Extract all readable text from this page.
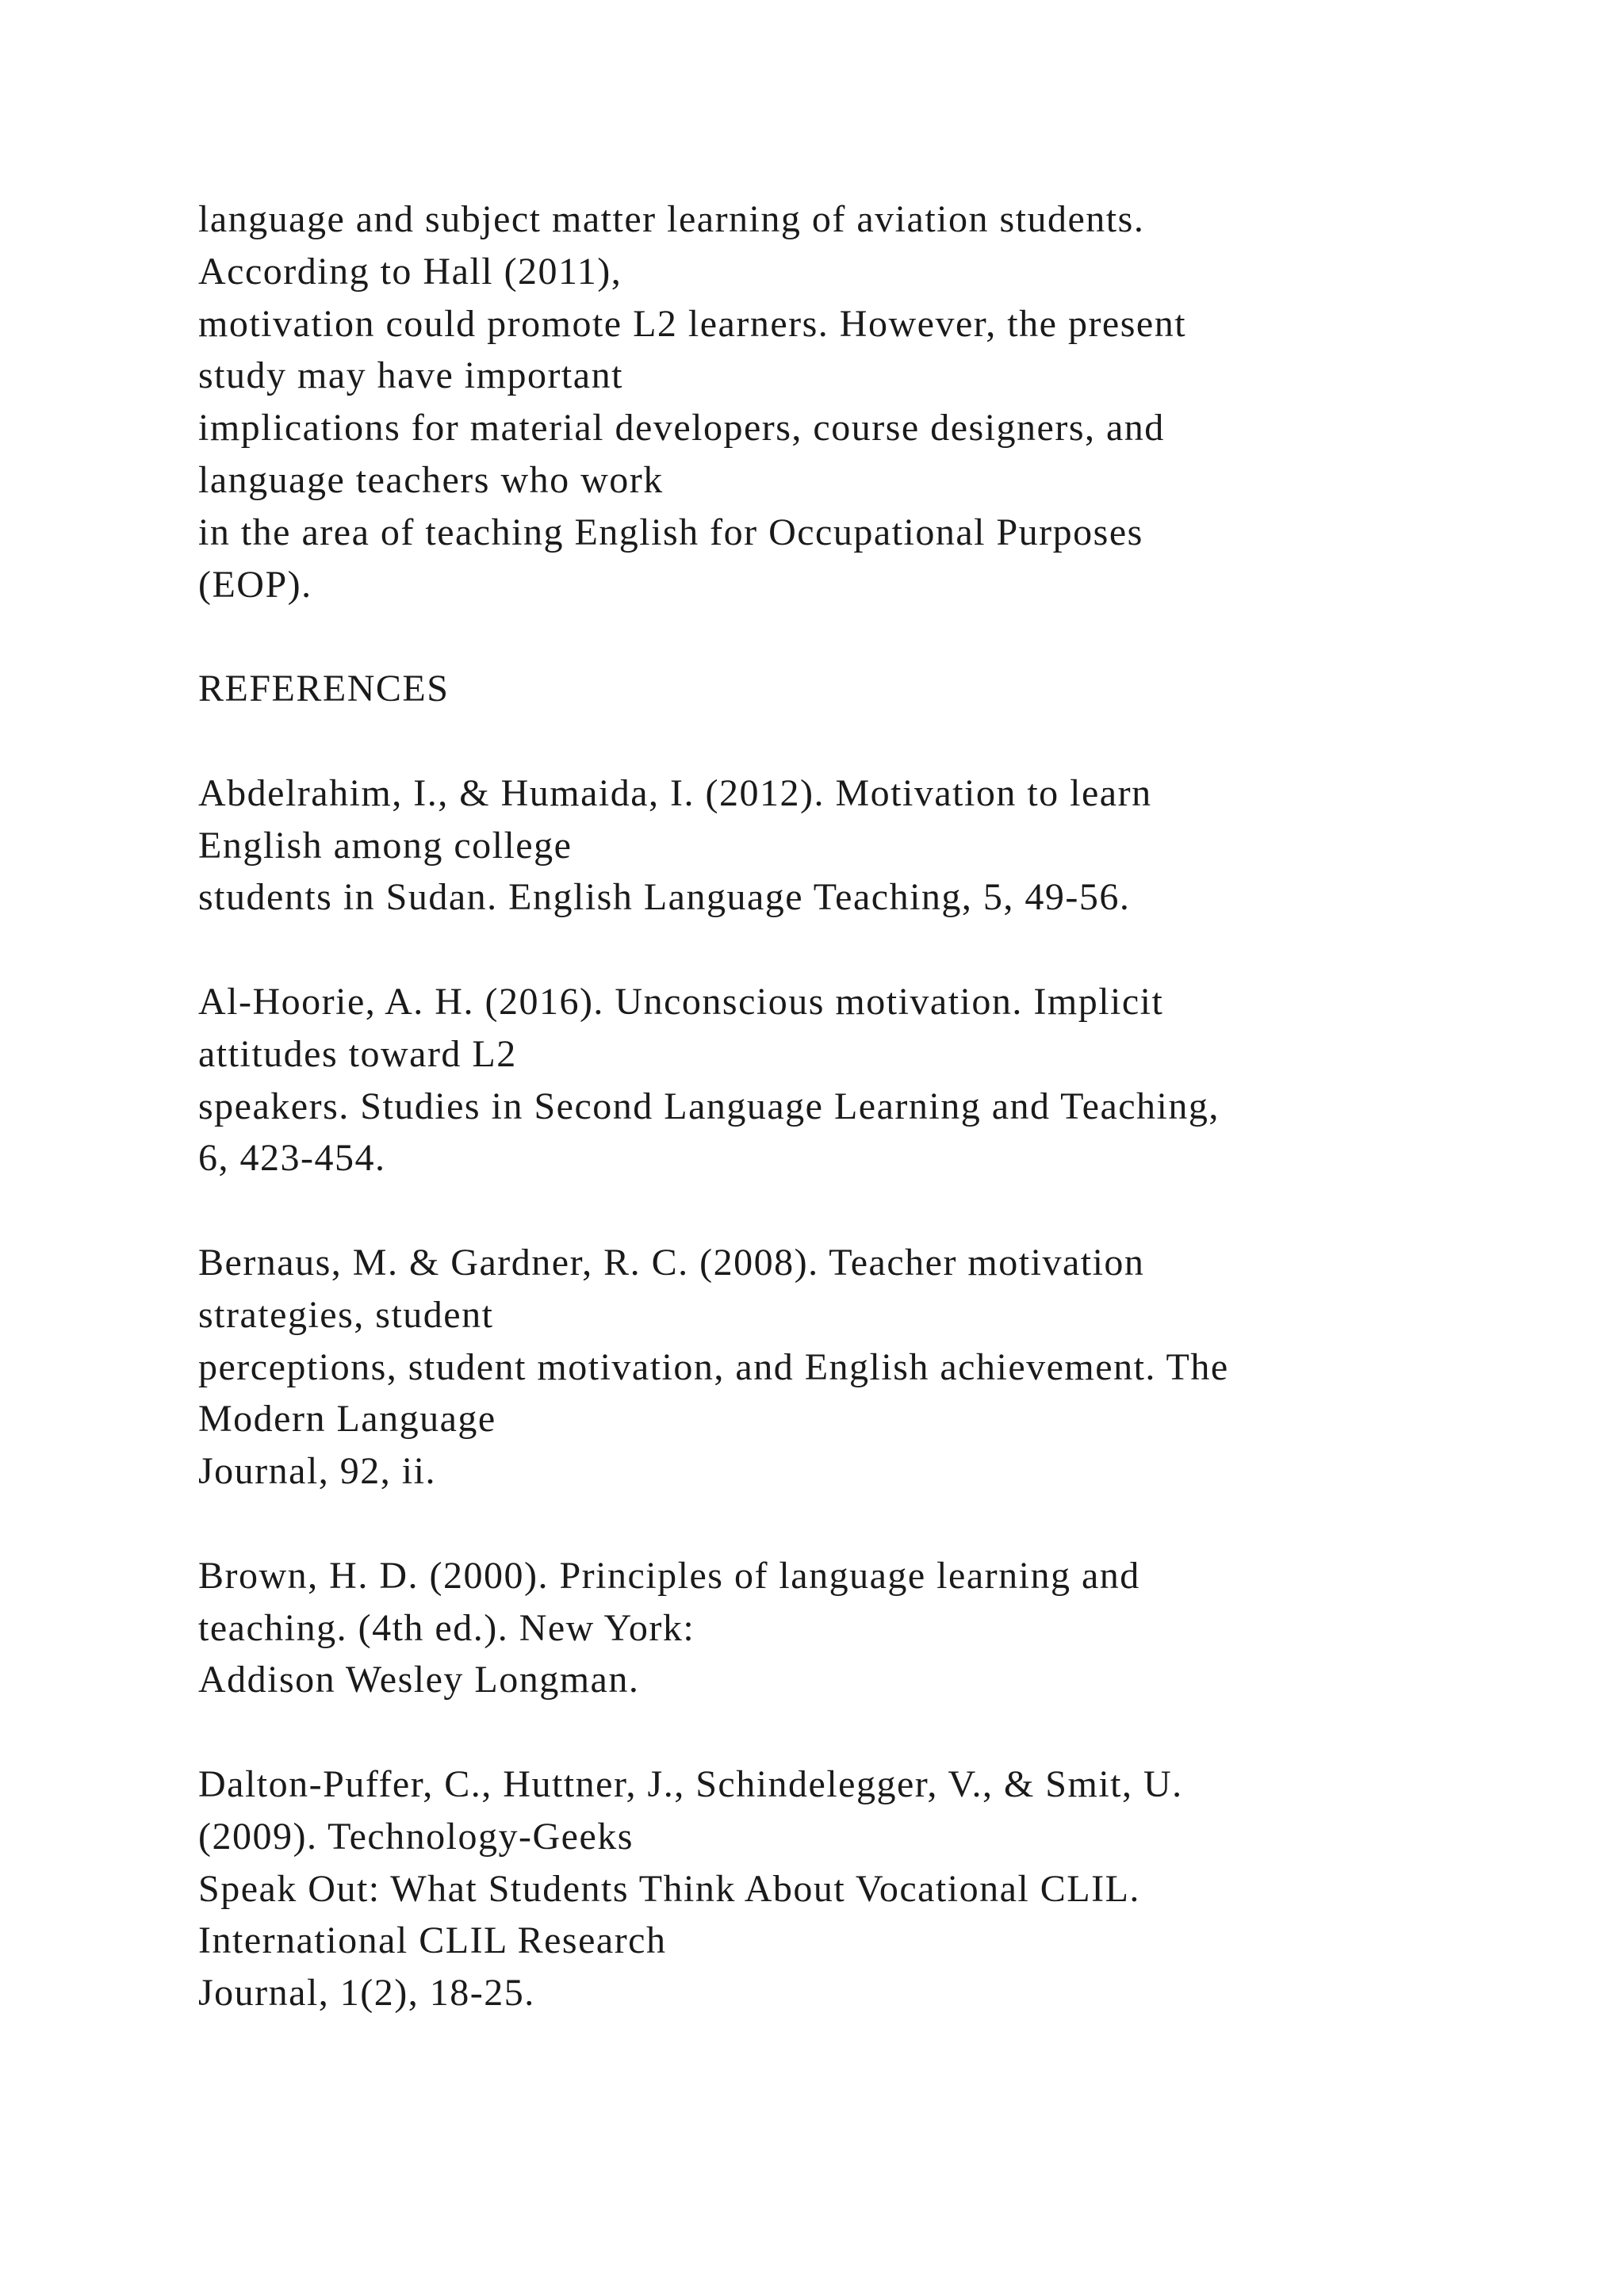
language and subject matter learning of aviation students.
According to Hall (2011),
motivation could promote L2 learners. However, the present
study may have important
implications for material developers, course designers, and
language teachers who work
in the area of teaching English for Occupational Purposes
(EOP).
REFERENCES
Abdelrahim, I., & Humaida, I. (2012). Motivation to learn
English among college
students in Sudan. English Language Teaching, 5, 49-56.
Al-Hoorie, A. H. (2016). Unconscious motivation. Implicit
attitudes toward L2
speakers. Studies in Second Language Learning and Teaching,
6, 423-454.
Bernaus, M. & Gardner, R. C. (2008). Teacher motivation
strategies, student
perceptions, student motivation, and English achievement. The
Modern Language
Journal, 92, ii.
Brown, H. D. (2000). Principles of language learning and
teaching. (4th ed.). New York:
Addison Wesley Longman.
Dalton-Puffer, C., Huttner, J., Schindelegger, V., & Smit, U.
(2009). Technology-Geeks
Speak Out: What Students Think About Vocational CLIL.
International CLIL Research
Journal, 1(2), 18-25.
